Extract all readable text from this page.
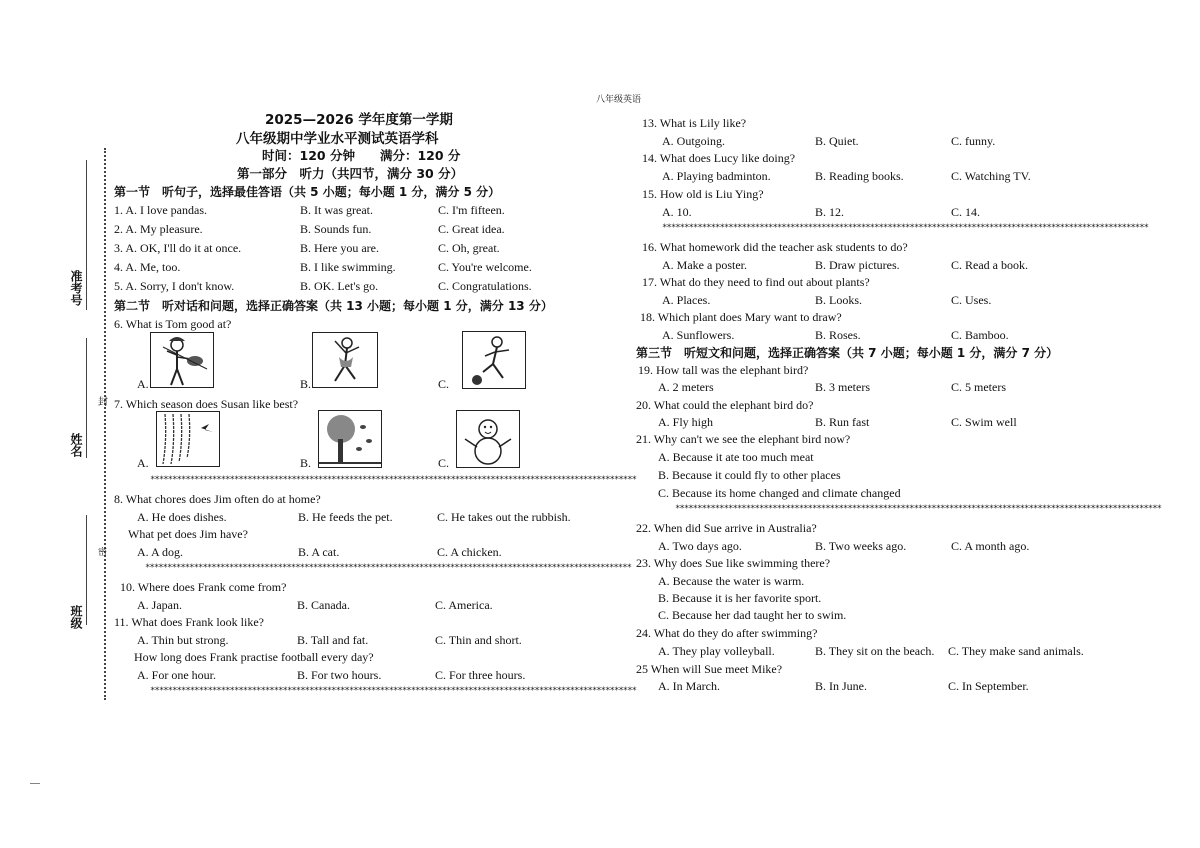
准考号
姓名
班级
封
密
八年级英语
2025—2026 学年度第一学期
八年级期中学业水平测试英语学科
时间：120 分钟　　满分：120 分
第一部分　听力（共四节，满分 30 分）
第一节　听句子，选择最佳答语（共 5 小题；每小题 1 分，满分 5 分）
1. A. I love pandas.	B. It was great.	C. I'm fifteen.
2. A. My pleasure.	B. Sounds fun.	C. Great idea.
3. A. OK, I'll do it at once.	B. Here you are.	C. Oh, great.
4. A. Me, too.	B. I like swimming.	C. You're welcome.
5. A. Sorry, I don't know.	B. OK. Let's go.	C. Congratulations.
第二节　听对话和问题，选择正确答案（共 13 小题；每小题 1 分，满分 13 分）
6. What is Tom good at?
A.	B.	C.
7. Which season does Susan like best?
A.	B.	C.
**************************************************************************************************************
8. What chores does Jim often do at home?
A. He does dishes.	B. He feeds the pet.	C. He takes out the rubbish.
What pet does Jim have?
A. A dog.	B. A cat.	C. A chicken.
**************************************************************************************************************
10. Where does Frank come from?
A. Japan.	B. Canada.	C. America.
11. What does Frank look like?
A. Thin but strong.	B. Tall and fat.	C. Thin and short.
How long does Frank practise football every day?
A. For one hour.	B. For two hours.	C. For three hours.
**************************************************************************************************************
13. What is Lily like?
A. Outgoing.	B. Quiet.	C. funny.
14. What does Lucy like doing?
A. Playing badminton.	B. Reading books.	C. Watching TV.
15. How old is Liu Ying?
A. 10.	B. 12.	C. 14.
**************************************************************************************************************
16. What homework did the teacher ask students to do?
A. Make a poster.	B. Draw pictures.	C. Read a book.
17. What do they need to find out about plants?
A. Places.	B. Looks.	C. Uses.
18. Which plant does Mary want to draw?
A. Sunflowers.	B. Roses.	C. Bamboo.
第三节　听短文和问题，选择正确答案（共 7 小题；每小题 1 分，满分 7 分）
19. How tall was the elephant bird?
A. 2 meters	B. 3 meters	C. 5 meters
20. What could the elephant bird do?
A. Fly high	B. Run fast	C. Swim well
21. Why can't we see the elephant bird now?
A. Because it ate too much meat
B. Because it could fly to other places
C. Because its home changed and climate changed
**************************************************************************************************************
22. When did Sue arrive in Australia?
A. Two days ago.	B. Two weeks ago.	C. A month ago.
23. Why does Sue like swimming there?
A. Because the water is warm.
B. Because it is her favorite sport.
C. Because her dad taught her to swim.
24. What do they do after swimming?
A. They play volleyball.	B. They sit on the beach. C. They make sand animals.
25 When will Sue meet Mike?
A. In March.	B. In June.	C. In September.
—
